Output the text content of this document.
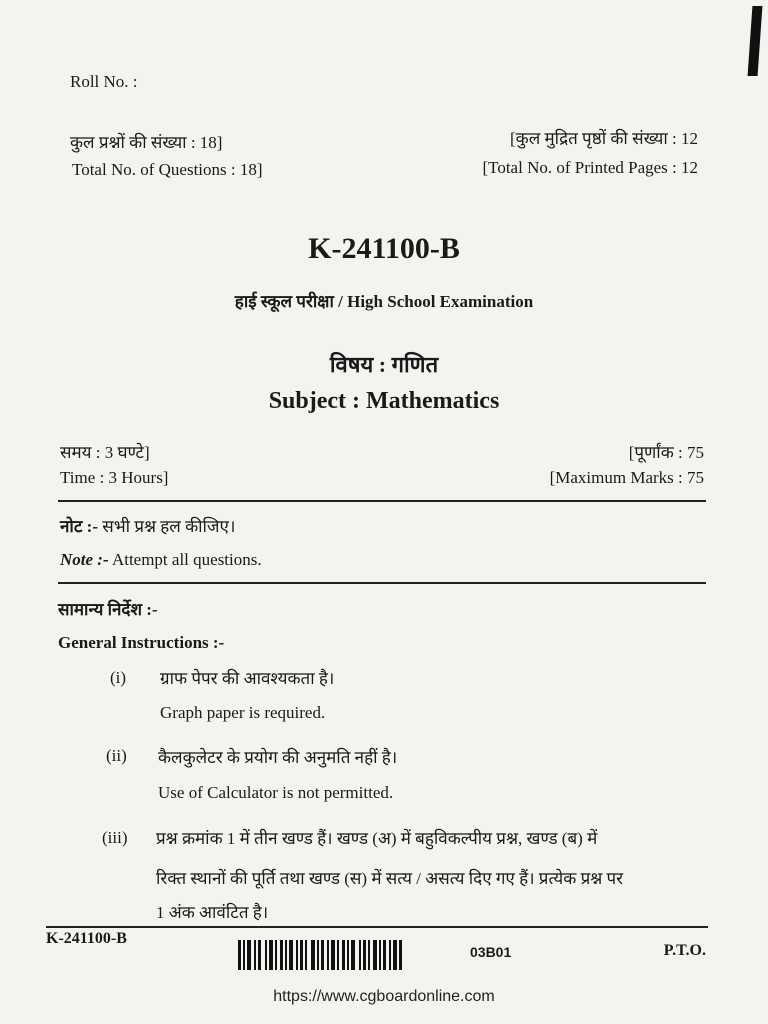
Roll No. :
कुल प्रश्नों की संख्या : 18]
Total No. of Questions : 18]
[कुल मुद्रित पृष्ठों की संख्या : 12
[Total No. of Printed Pages : 12
K-241100-B
हाई स्कूल परीक्षा / High School Examination
विषय : गणित
Subject : Mathematics
समय : 3 घण्टे]
Time : 3 Hours]
[पूर्णांक : 75
[Maximum Marks : 75
नोट :- सभी प्रश्न हल कीजिए।
Note :- Attempt all questions.
सामान्य निर्देश :-
General Instructions :-
(i) ग्राफ पेपर की आवश्यकता है।
Graph paper is required.
(ii) कैलकुलेटर के प्रयोग की अनुमति नहीं है।
Use of Calculator is not permitted.
(iii) प्रश्न क्रमांक 1 में तीन खण्ड हैं। खण्ड (अ) में बहुविकल्पीय प्रश्न, खण्ड (ब) में
रिक्त स्थानों की पूर्ति तथा खण्ड (स) में सत्य / असत्य दिए गए हैं। प्रत्येक प्रश्न पर
1 अंक आवंटित है।
K-241100-B
03B01	P.T.O.
https://www.cgboardonline.com
